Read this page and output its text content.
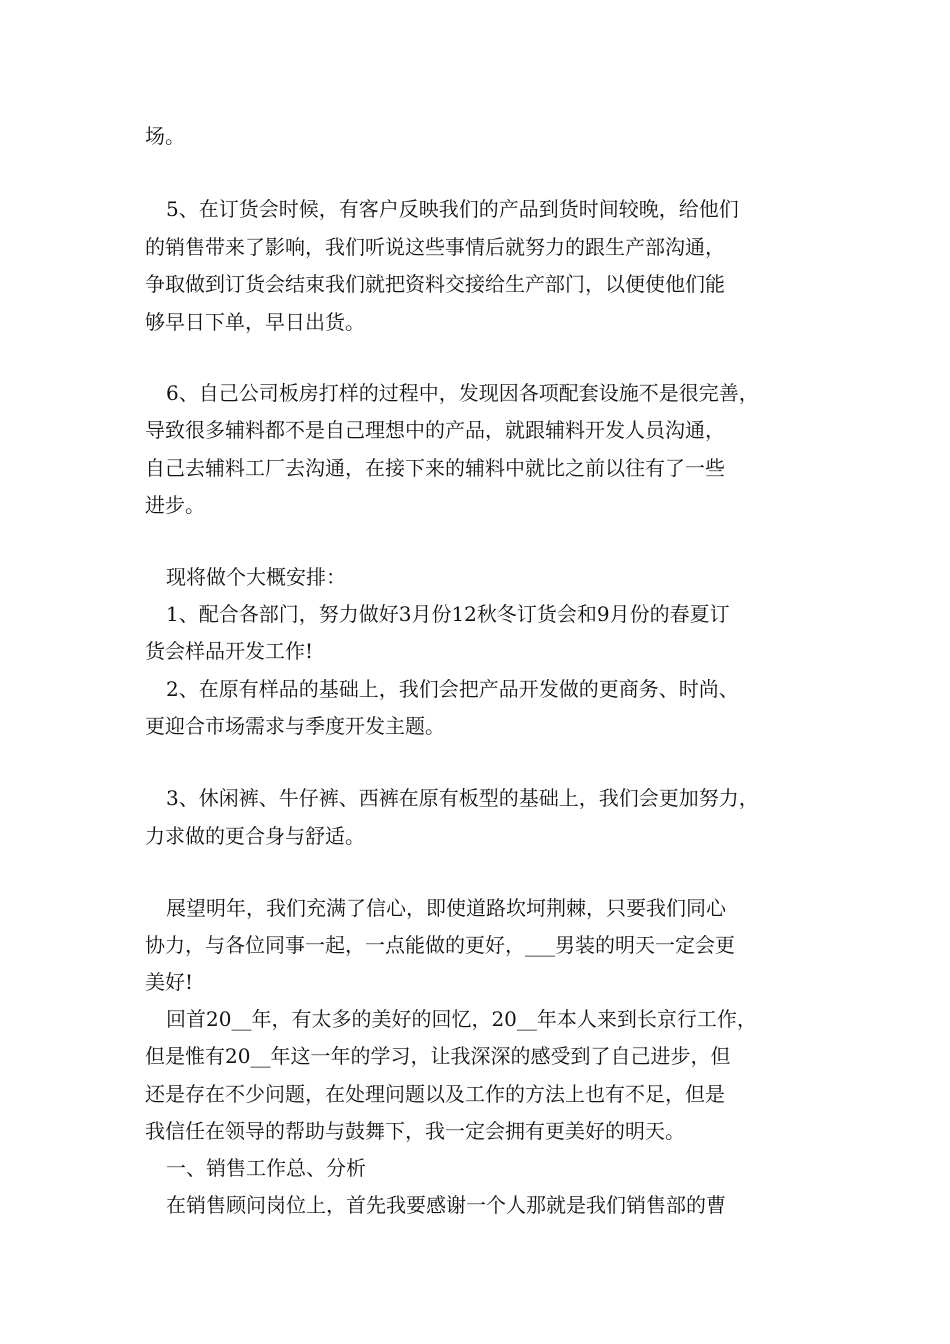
场。
5、在订货会时候，有客户反映我们的产品到货时间较晚，给他们
的销售带来了影响，我们听说这些事情后就努力的跟生产部沟通，
争取做到订货会结束我们就把资料交接给生产部门，以便使他们能
够早日下单，早日出货。
6、自己公司板房打样的过程中，发现因各项配套设施不是很完善，
导致很多辅料都不是自己理想中的产品，就跟辅料开发人员沟通，
自己去辅料工厂去沟通，在接下来的辅料中就比之前以往有了一些
进步。
现将做个大概安排：
1、配合各部门，努力做好3月份12秋冬订货会和9月份的春夏订
货会样品开发工作!
2、在原有样品的基础上，我们会把产品开发做的更商务、时尚、
更迎合市场需求与季度开发主题。
3、休闲裤、牛仔裤、西裤在原有板型的基础上，我们会更加努力，
力求做的更合身与舒适。
展望明年，我们充满了信心，即使道路坎坷荆棘，只要我们同心
协力，与各位同事一起，一点能做的更好，___男装的明天一定会更
美好!
回首20__年，有太多的美好的回忆，20__年本人来到长京行工作，
但是惟有20__年这一年的学习，让我深深的感受到了自己进步，但
还是存在不少问题，在处理问题以及工作的方法上也有不足，但是
我信任在领导的帮助与鼓舞下，我一定会拥有更美好的明天。
一、销售工作总、分析
在销售顾问岗位上，首先我要感谢一个人那就是我们销售部的曹
